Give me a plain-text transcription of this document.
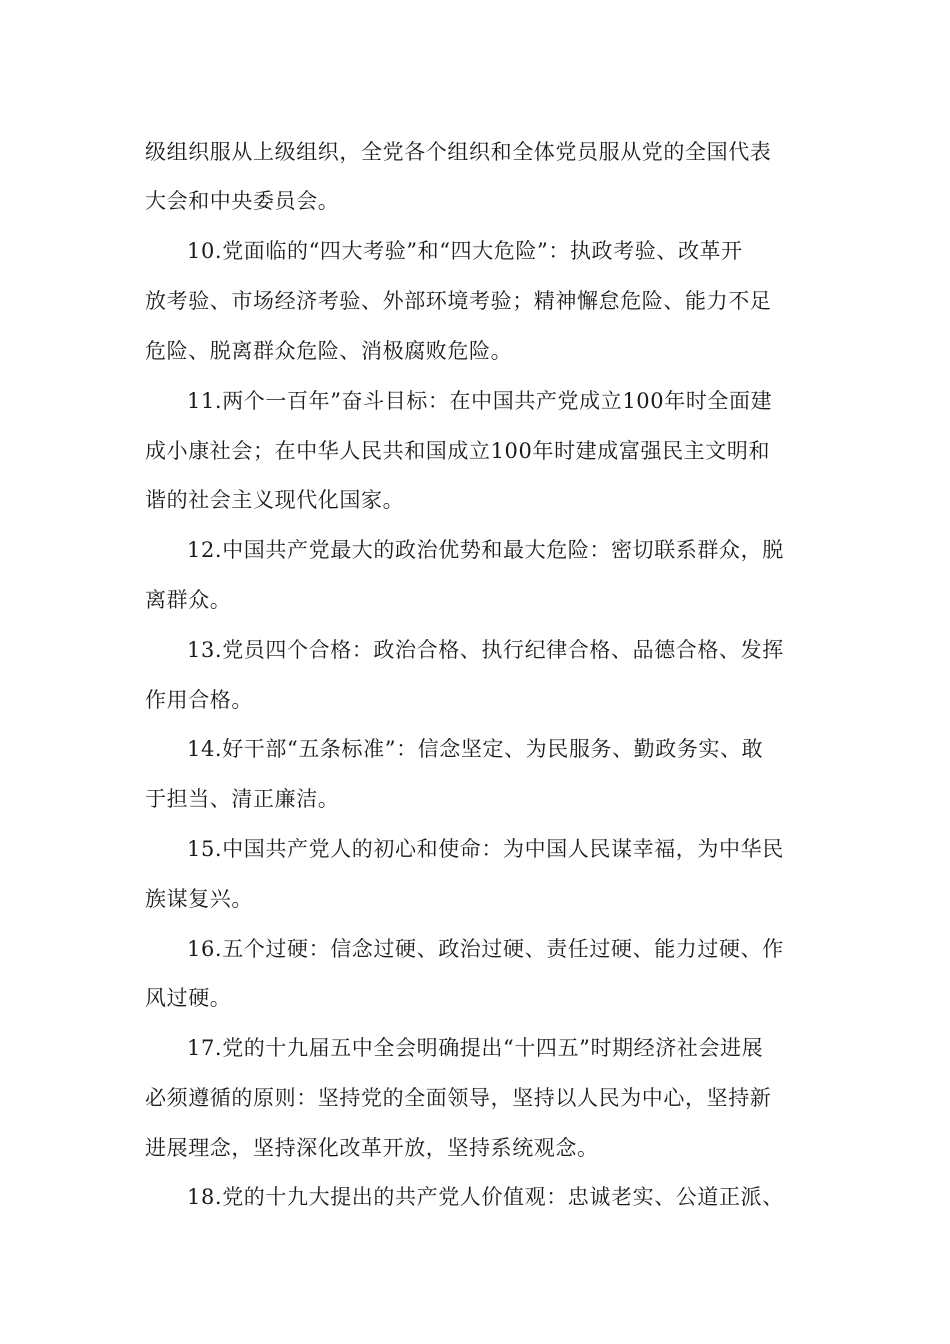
级组织服从上级组织，全党各个组织和全体党员服从党的全国代表
大会和中央委员会。
10.党面临的“四大考验”和“四大危险”：执政考验、改革开
放考验、市场经济考验、外部环境考验；精神懈怠危险、能力不足
危险、脱离群众危险、消极腐败危险。
11.两个一百年”奋斗目标：在中国共产党成立100年时全面建
成小康社会；在中华人民共和国成立100年时建成富强民主文明和
谐的社会主义现代化国家。
12.中国共产党最大的政治优势和最大危险：密切联系群众，脱
离群众。
13.党员四个合格：政治合格、执行纪律合格、品德合格、发挥
作用合格。
14.好干部“五条标准”：信念坚定、为民服务、勤政务实、敢
于担当、清正廉洁。
15.中国共产党人的初心和使命：为中国人民谋幸福，为中华民
族谋复兴。
16.五个过硬：信念过硬、政治过硬、责任过硬、能力过硬、作
风过硬。
17.党的十九届五中全会明确提出“十四五”时期经济社会进展
必须遵循的原则：坚持党的全面领导，坚持以人民为中心，坚持新
进展理念，坚持深化改革开放，坚持系统观念。
18.党的十九大提出的共产党人价值观：忠诚老实、公道正派、
